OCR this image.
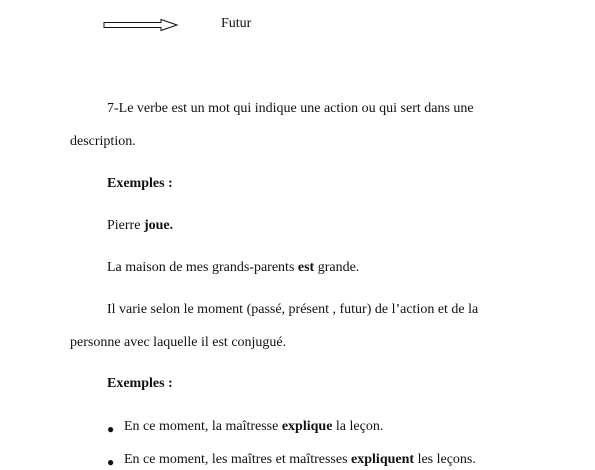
Futur
7-Le verbe est un mot qui indique une action ou qui sert dans une
description.
Exemples :
Pierre joue.
La maison de mes grands-parents est grande.
Il varie selon le moment (passé, présent , futur) de l’action et de la
personne avec laquelle il est conjugué.
Exemples :
● En ce moment, la maîtresse explique la leçon.
● En ce moment, les maîtres et maîtresses expliquent les leçons.
